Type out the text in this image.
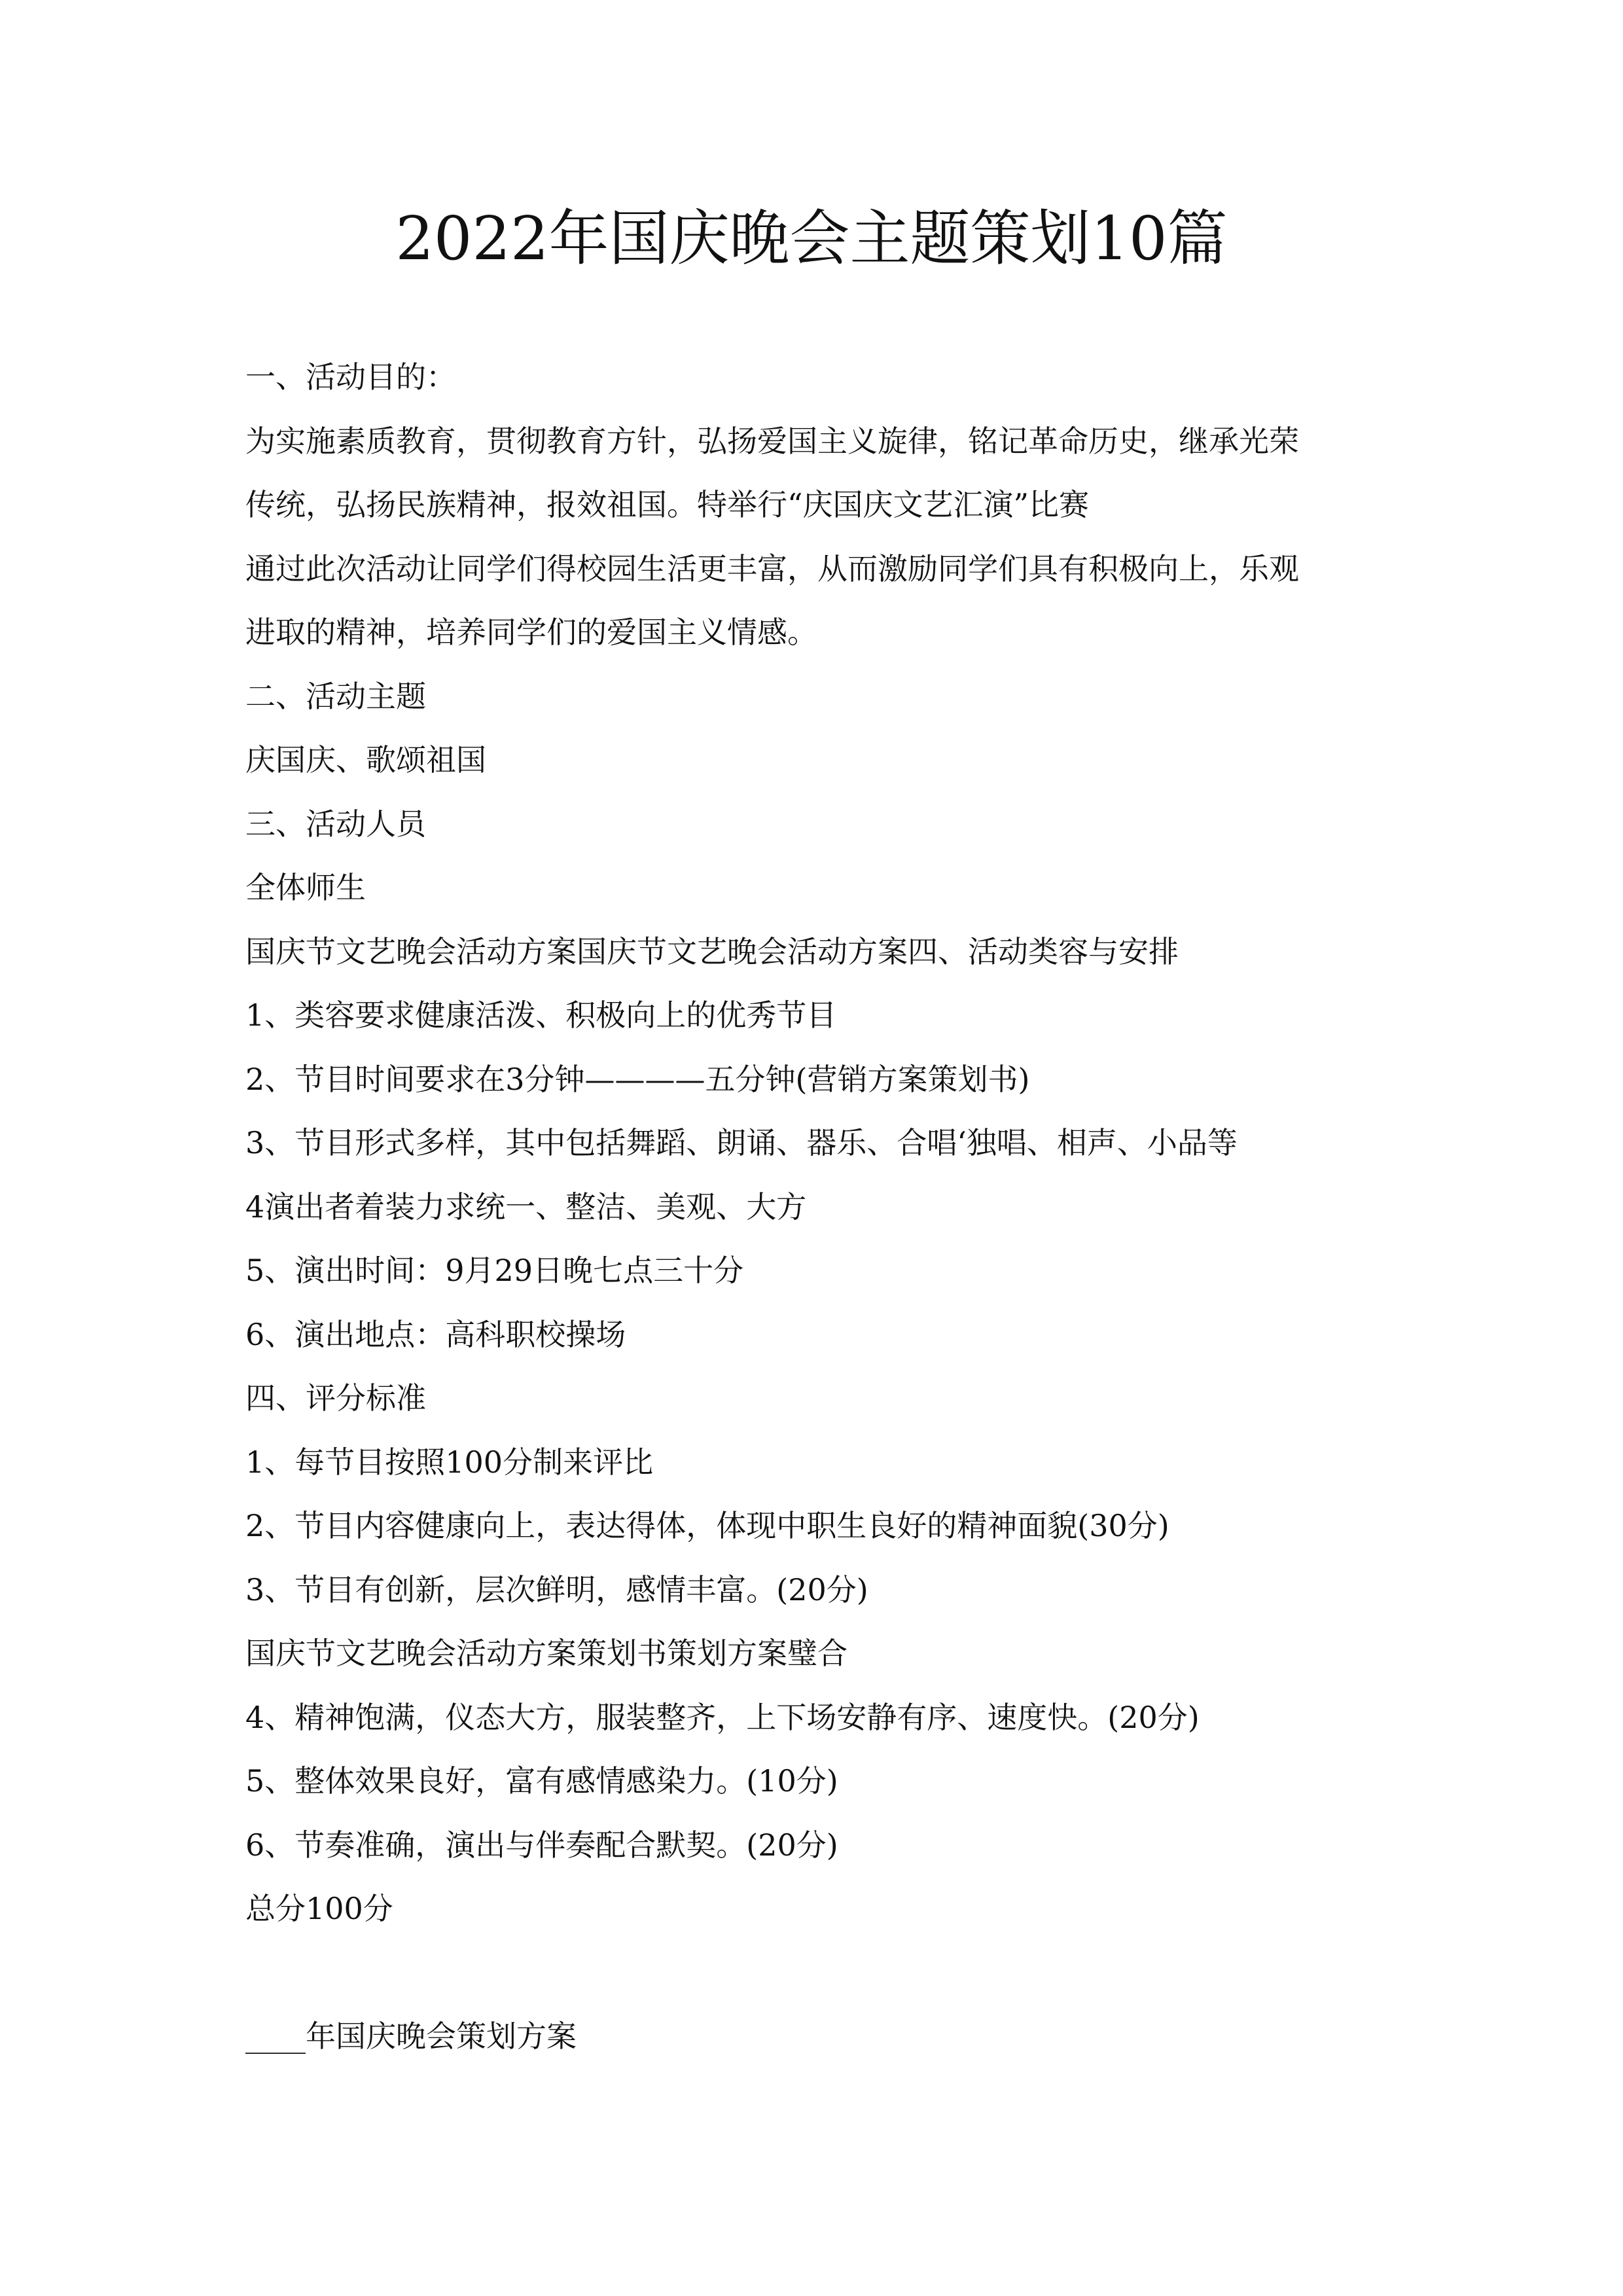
2022年国庆晚会主题策划10篇
一、活动目的：
为实施素质教育，贯彻教育方针，弘扬爱国主义旋律，铭记革命历史，继承光荣
传统，弘扬民族精神，报效祖国。特举行“庆国庆文艺汇演”比赛
通过此次活动让同学们得校园生活更丰富，从而激励同学们具有积极向上，乐观
进取的精神，培养同学们的爱国主义情感。
二、活动主题
庆国庆、歌颂祖国
三、活动人员
全体师生
国庆节文艺晚会活动方案国庆节文艺晚会活动方案四、活动类容与安排
1、类容要求健康活泼、积极向上的优秀节目
2、节目时间要求在3分钟————五分钟(营销方案策划书)
3、节目形式多样，其中包括舞蹈、朗诵、器乐、合唱‘独唱、相声、小品等
4演出者着装力求统一、整洁、美观、大方
5、演出时间：9月29日晚七点三十分
6、演出地点：高科职校操场
四、评分标准
1、每节目按照100分制来评比
2、节目内容健康向上，表达得体，体现中职生良好的精神面貌(30分)
3、节目有创新，层次鲜明，感情丰富。(20分)
国庆节文艺晚会活动方案策划书策划方案璧合
4、精神饱满，仪态大方，服装整齐，上下场安静有序、速度快。(20分)
5、整体效果良好，富有感情感染力。(10分)
6、节奏准确，演出与伴奏配合默契。(20分)
总分100分
____年国庆晚会策划方案
